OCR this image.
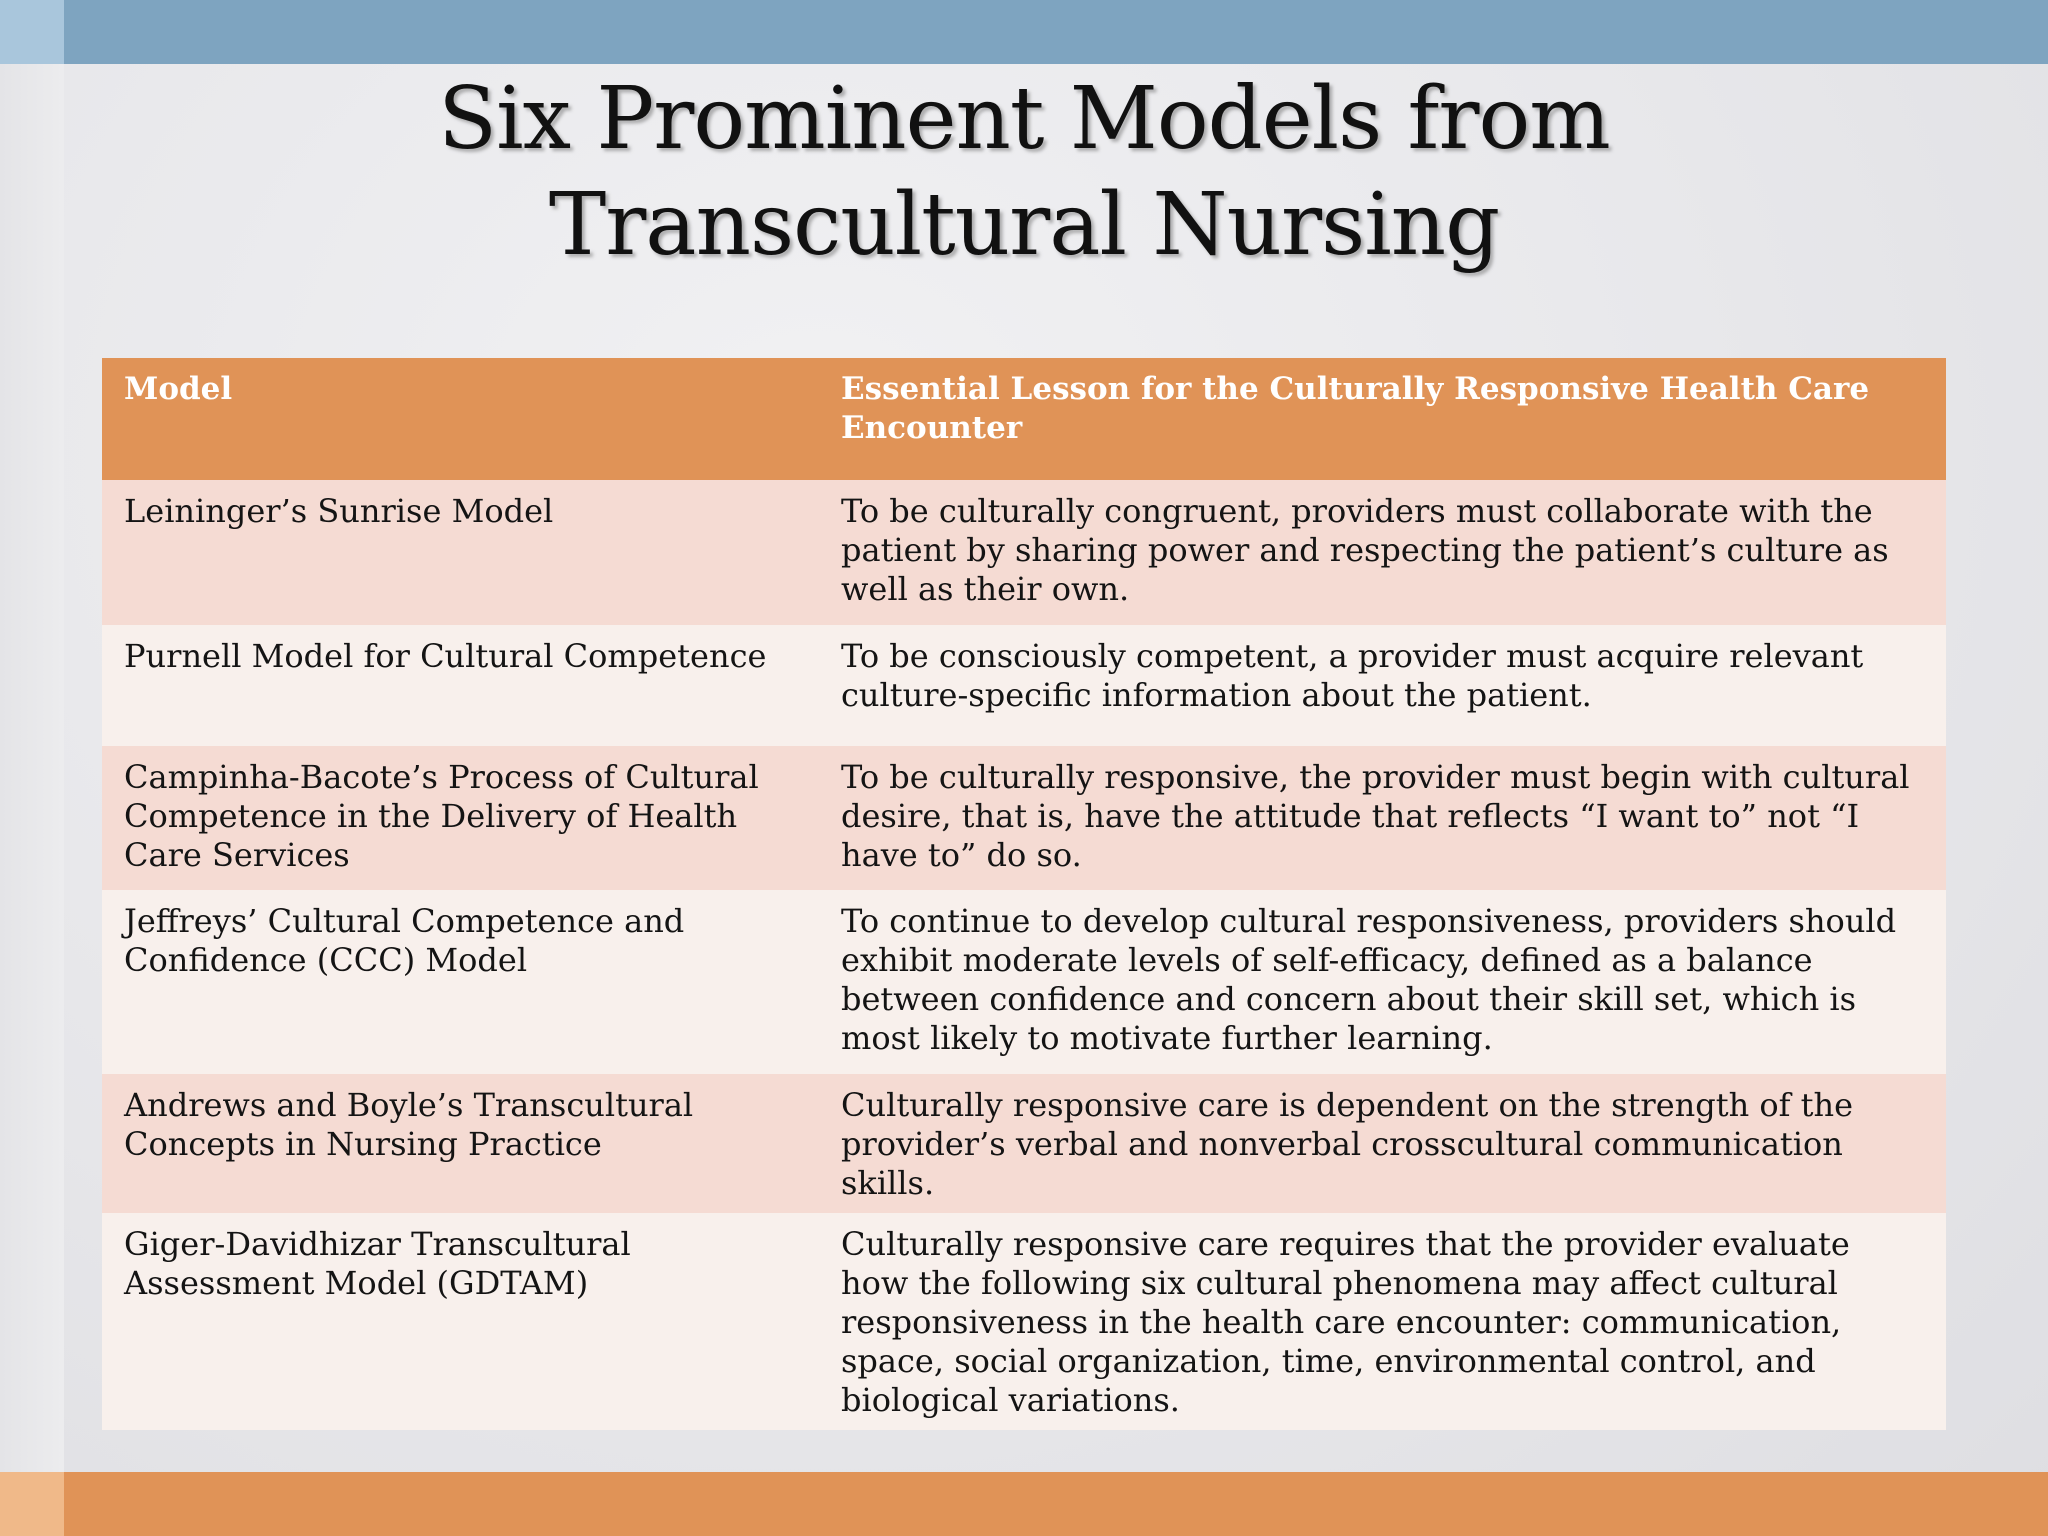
Six Prominent Models from
Transcultural Nursing
Model	Essential Lesson for the Culturally Responsive Health Care Encounter
Leininger’s Sunrise Model	To be culturally congruent, providers must collaborate with the patient by sharing power and respecting the patient’s culture as well as their own.
Purnell Model for Cultural Competence	To be consciously competent, a provider must acquire relevant culture-specific information about the patient.
Campinha-Bacote’s Process of Cultural Competence in the Delivery of Health Care Services	To be culturally responsive, the provider must begin with cultural desire, that is, have the attitude that reflects “I want to” not “I have to” do so.
Jeffreys’ Cultural Competence and Confidence (CCC) Model	To continue to develop cultural responsiveness, providers should exhibit moderate levels of self-efficacy, defined as a balance between confidence and concern about their skill set, which is most likely to motivate further learning.
Andrews and Boyle’s Transcultural Concepts in Nursing Practice	Culturally responsive care is dependent on the strength of the provider’s verbal and nonverbal crosscultural communication skills.
Giger-Davidhizar Transcultural Assessment Model (GDTAM)	Culturally responsive care requires that the provider evaluate how the following six cultural phenomena may affect cultural responsiveness in the health care encounter: communication, space, social organization, time, environmental control, and biological variations.
